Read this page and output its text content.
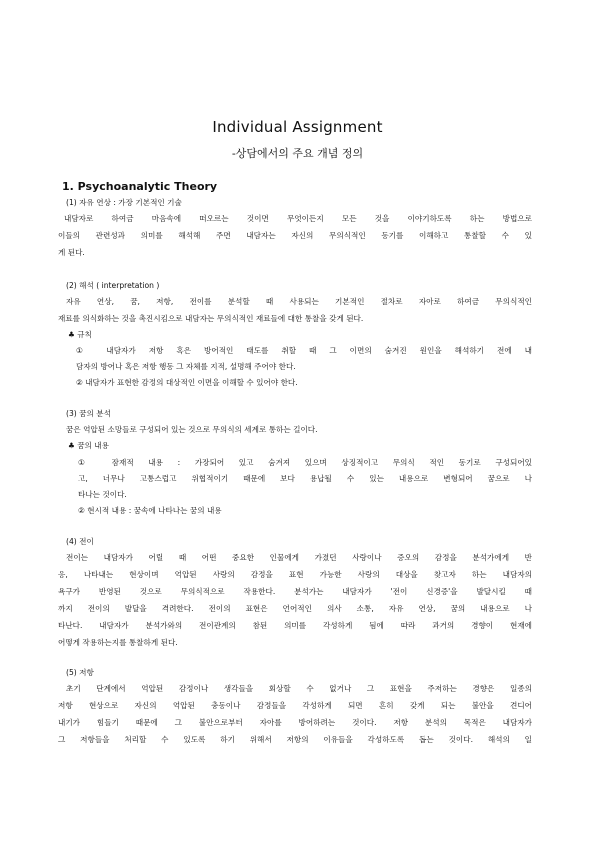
Individual Assignment
-상담에서의 주요 개념 정의
1. Psychoanalytic Theory
(1) 자유 연상 : 가장 기본적인 기술
내담자로 하여금 마음속에 떠오르는 것이면 무엇이든지 모든 것을 이야기하도록 하는 방법으로
이들의 관련성과 의미를 해석해 주면 내담자는 자신의 무의식적인 동기를 이해하고 통찰할 수 있
게 된다.
(2) 해석 ( interpretation )
자유 연상, 꿈, 저항, 전이를 분석할 때 사용되는 기본적인 절차로 자아로 하여금 무의식적인
재료를 의식화하는 것을 촉진시킴으로 내담자는 무의식적인 재료들에 대한 통찰을 갖게 된다.
♣ 규칙
① 내담자가 저항 혹은 방어적인 태도를 취할 때 그 이면의 숨겨진 원인을 해석하기 전에 내
담자의 방어나 혹은 저항 행동 그 자체를 지적, 설명해 주어야 한다.
② 내담자가 표현한 감정의 대상적인 이면을 이해할 수 있어야 한다.
(3) 꿈의 분석
꿈은 억압된 소망들로 구성되어 있는 것으로 무의식의 세계로 통하는 길이다.
♣ 꿈의 내용
① 잠재적 내용 : 가장되어 있고 숨겨져 있으며 상징적이고 무의식 적인 동기로 구성되어있
고, 너무나 고통스럽고 위협적이기 때문에 보다 용납될 수 있는 내용으로 변형되어 꿈으로 나
타나는 것이다.
② 현시적 내용 : 꿈속에 나타나는 꿈의 내용
(4) 전이
전이는 내담자가 어릴 때 어떤 중요한 인물에게 가졌던 사랑이나 증오의 감정을 분석가에게 반
응, 나타내는 현상이며 억압된 사랑의 감정을 표현 가능한 사랑의 대상을 찾고자 하는 내담자의
욕구가 반영된 것으로 무의식적으로 작용한다. 분석가는 내담자가 '전이 신경증'을 발달시킬 때
까지 전이의 발달을 격려한다. 전이의 표현은 언어적인 의사 소통, 자유 연상, 꿈의 내용으로 나
타난다. 내담자가 분석가와의 전이관계의 참된 의미를 각성하게 됨에 따라 과거의 경향이 현재에
어떻게 작용하는지를 통찰하게 된다.
(5) 저항
초기 단계에서 억압된 감정이나 생각들을 회상할 수 없거나 그 표현을 주저하는 경향은 일종의
저항 현상으로 자신의 억압된 충동이나 감정들을 각성하게 되면 흔히 갖게 되는 불안을 견디어
내기가 힘들기 때문에 그 불안으로부터 자아를 방어하려는 것이다. 저항 분석의 목적은 내담자가
그 저항들을 처리할 수 있도록 하기 위해서 저항의 이유들을 각성하도록 돕는 것이다. 해석의 일
